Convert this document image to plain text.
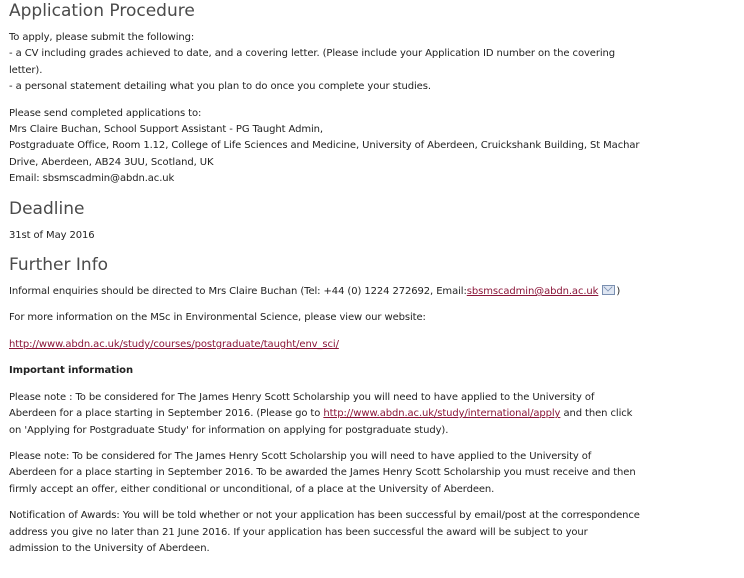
Application Procedure

To apply, please submit the following:

- a CV including grades achieved to date, and a covering letter. (Please include your Application ID number on the covering

letter).

- a personal statement detailing what you plan to do once you complete your studies.

Please send completed applications to:

Mrs Claire Buchan, School Support Assistant - PG Taught Admin,

Postgraduate Office, Room 1.12, College of Life Sciences and Medicine, University of Aberdeen, Cruickshank Building, St Machar

Drive, Aberdeen, AB24 3UU, Scotland, UK

Email: sbsmscadmin@abdn.ac.uk

Deadline

31st of May 2016

Further Info

Informal enquiries should be directed to Mrs Claire Buchan (Tel: +44 (0) 1224 272692, Email:sbsmscadmin@abdn.ac.uk )

For more information on the MSc in Environmental Science, please view our website:

http://www.abdn.ac.uk/study/courses/postgraduate/taught/env_sci/

Important information

Please note : To be considered for The James Henry Scott Scholarship you will need to have applied to the University of

Aberdeen for a place starting in September 2016. (Please go to http://www.abdn.ac.uk/study/international/apply and then click

on 'Applying for Postgraduate Study' for information on applying for postgraduate study).

Please note: To be considered for The James Henry Scott Scholarship you will need to have applied to the University of

Aberdeen for a place starting in September 2016. To be awarded the James Henry Scott Scholarship you must receive and then

firmly accept an offer, either conditional or unconditional, of a place at the University of Aberdeen.

Notification of Awards: You will be told whether or not your application has been successful by email/post at the correspondence

address you give no later than 21 June 2016. If your application has been successful the award will be subject to your

admission to the University of Aberdeen.
